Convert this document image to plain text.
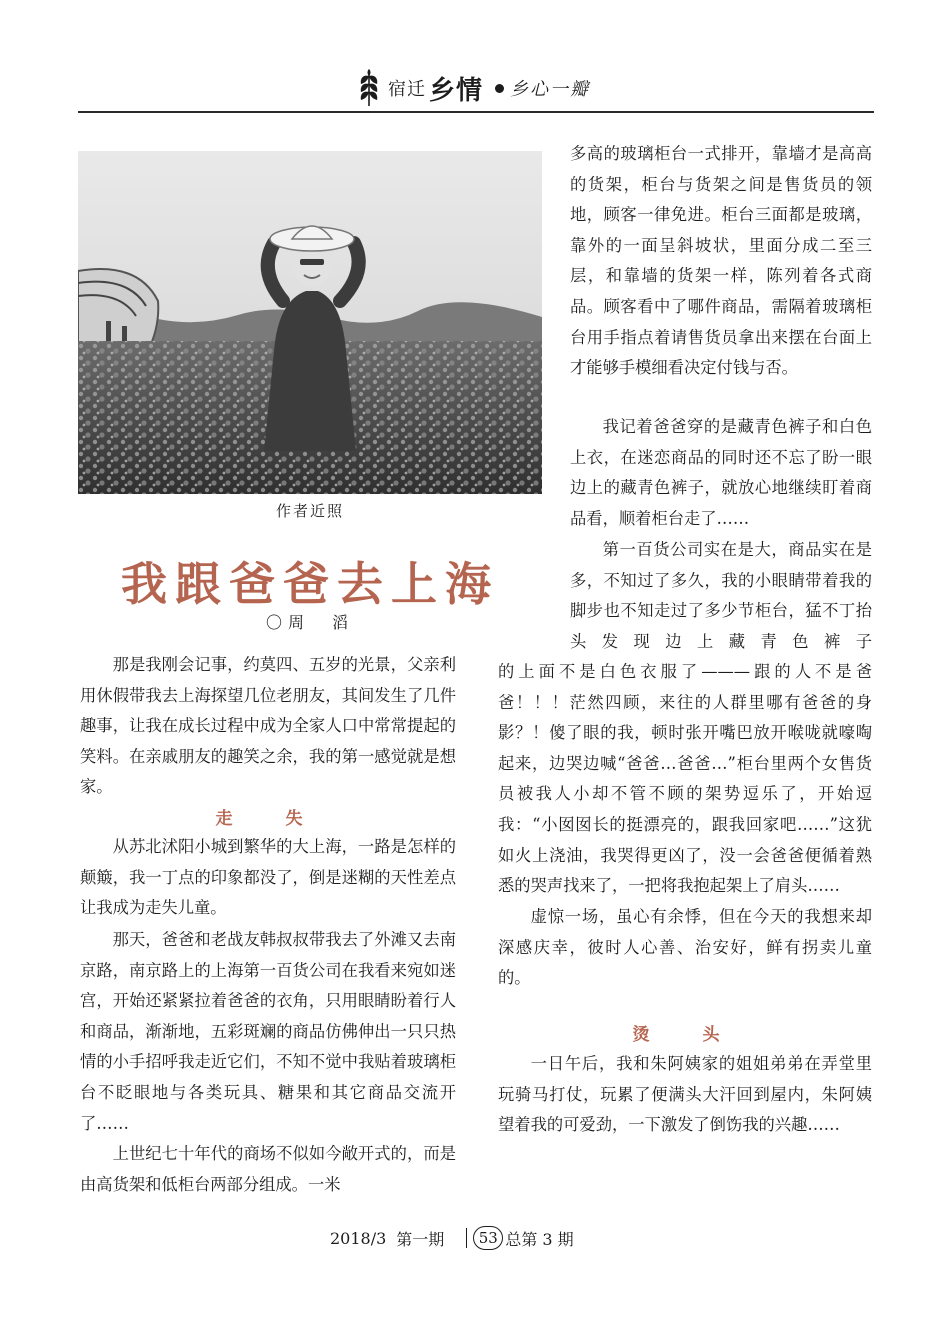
宿迁 乡情 乡心一瓣
作者近照
我跟爸爸去上海
〇周　滔

那是我刚会记事，约莫四、五岁的光景，父亲利用休假带我去上海探望几位老朋友，其间发生了几件趣事，让我在成长过程中成为全家人口中常常提起的笑料。在亲戚朋友的趣笑之余，我的第一感觉就是想家。

走　失

从苏北沭阳小城到繁华的大上海，一路是怎样的颠簸，我一丁点的印象都没了，倒是迷糊的天性差点让我成为走失儿童。

那天，爸爸和老战友韩叔叔带我去了外滩又去南京路，南京路上的上海第一百货公司在我看来宛如迷宫，开始还紧紧拉着爸爸的衣角，只用眼睛盼着行人和商品，渐渐地，五彩斑斓的商品仿佛伸出一只只热情的小手招呼我走近它们，不知不觉中我贴着玻璃柜台不眨眼地与各类玩具、糖果和其它商品交流开了……

上世纪七十年代的商场不似如今敞开式的，而是由高货架和低柜台两部分组成。一米

多高的玻璃柜台一式排开，靠墙才是高高的货架，柜台与货架之间是售货员的领地，顾客一律免进。柜台三面都是玻璃，靠外的一面呈斜坡状，里面分成二至三层，和靠墙的货架一样，陈列着各式商品。顾客看中了哪件商品，需隔着玻璃柜台用手指点着请售货员拿出来摆在台面上才能够手模细看决定付钱与否。

我记着爸爸穿的是藏青色裤子和白色上衣，在迷恋商品的同时还不忘了盼一眼边上的藏青色裤子，就放心地继续盯着商品看，顺着柜台走了……

第一百货公司实在是大，商品实在是多，不知过了多久，我的小眼睛带着我的脚步也不知走过了多少节柜台，猛不丁抬头发现边上藏青色裤子

的上面不是白色衣服了———跟的人不是爸爸！！！茫然四顾，来往的人群里哪有爸爸的身影？！傻了眼的我，顿时张开嘴巴放开喉咙就嚎啕起来，边哭边喊“爸爸…爸爸…”柜台里两个女售货员被我人小却不管不顾的架势逗乐了，开始逗我：“小囡囡长的挺漂亮的，跟我回家吧……”这犹如火上浇油，我哭得更凶了，没一会爸爸便循着熟悉的哭声找来了，一把将我抱起架上了肩头……

虚惊一场，虽心有余悸，但在今天的我想来却深感庆幸，彼时人心善、治安好，鲜有拐卖儿童的。

烫　头

一日午后，我和朱阿姨家的姐姐弟弟在弄堂里玩骑马打仗，玩累了便满头大汗回到屋内，朱阿姨望着我的可爱劲，一下激发了倒饬我的兴趣……

2018/3 第一期	53 总第 3 期
